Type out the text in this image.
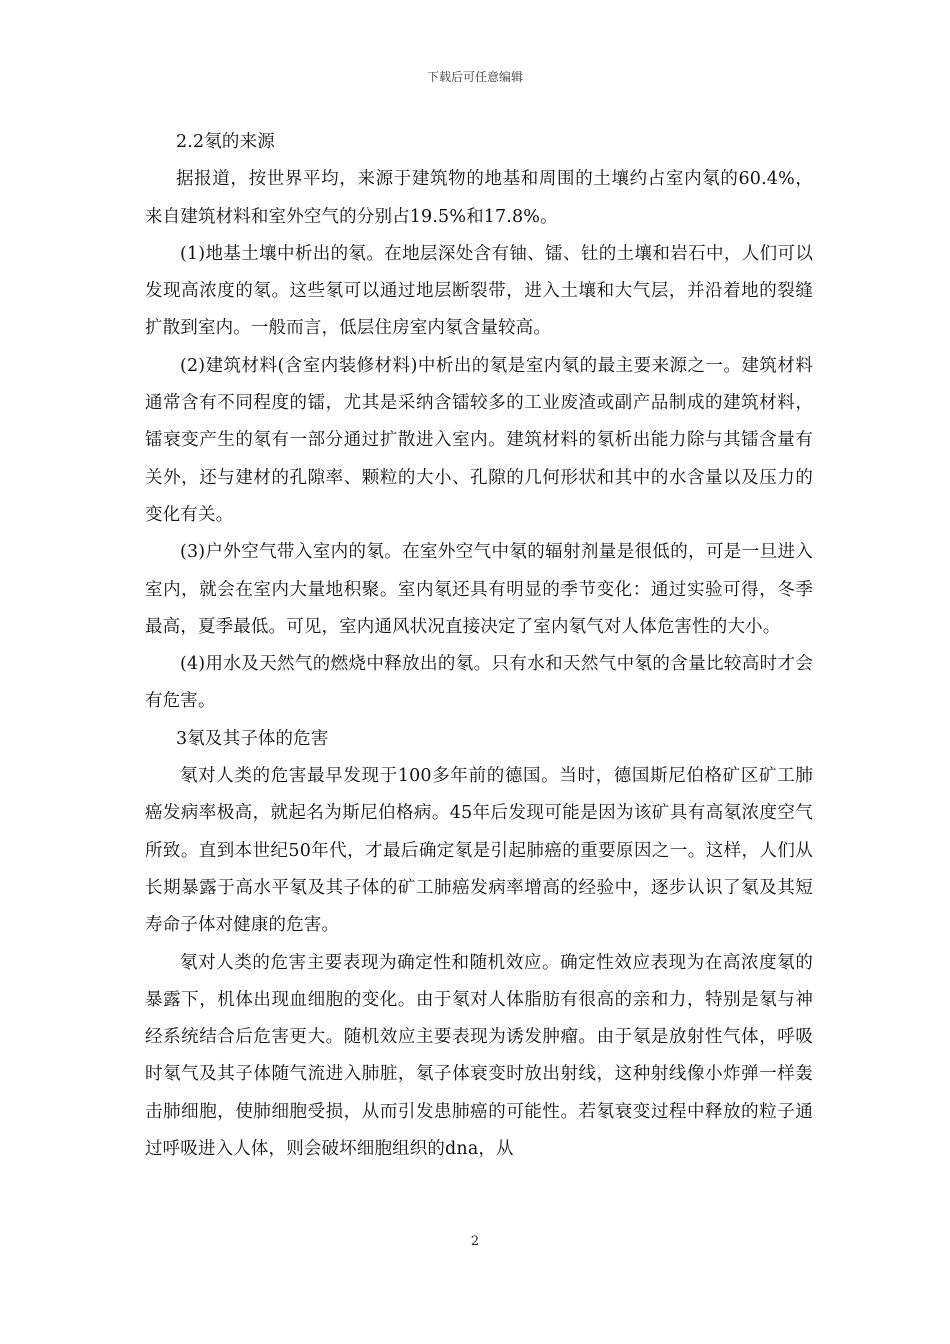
下载后可任意编辑

2.2氡的来源

据报道，按世界平均，来源于建筑物的地基和周围的土壤约占室内氡的60.4%，来自建筑材料和室外空气的分别占19.5%和17.8%。

(1)地基土壤中析出的氡。在地层深处含有铀、镭、钍的土壤和岩石中，人们可以发现高浓度的氡。这些氡可以通过地层断裂带，进入土壤和大气层，并沿着地的裂缝扩散到室内。一般而言，低层住房室内氡含量较高。

(2)建筑材料(含室内装修材料)中析出的氡是室内氡的最主要来源之一。建筑材料通常含有不同程度的镭，尤其是采纳含镭较多的工业废渣或副产品制成的建筑材料，镭衰变产生的氡有一部分通过扩散进入室内。建筑材料的氡析出能力除与其镭含量有关外，还与建材的孔隙率、颗粒的大小、孔隙的几何形状和其中的水含量以及压力的变化有关。

(3)户外空气带入室内的氡。在室外空气中氡的辐射剂量是很低的，可是一旦进入室内，就会在室内大量地积聚。室内氡还具有明显的季节变化：通过实验可得，冬季最高，夏季最低。可见，室内通风状况直接决定了室内氡气对人体危害性的大小。

(4)用水及天然气的燃烧中释放出的氡。只有水和天然气中氡的含量比较高时才会有危害。

3氡及其子体的危害

氡对人类的危害最早发现于100多年前的德国。当时，德国斯尼伯格矿区矿工肺癌发病率极高，就起名为斯尼伯格病。45年后发现可能是因为该矿具有高氡浓度空气所致。直到本世纪50年代，才最后确定氡是引起肺癌的重要原因之一。这样，人们从长期暴露于高水平氡及其子体的矿工肺癌发病率增高的经验中，逐步认识了氡及其短寿命子体对健康的危害。

氡对人类的危害主要表现为确定性和随机效应。确定性效应表现为在高浓度氡的暴露下，机体出现血细胞的变化。由于氡对人体脂肪有很高的亲和力，特别是氡与神经系统结合后危害更大。随机效应主要表现为诱发肿瘤。由于氡是放射性气体，呼吸时氡气及其子体随气流进入肺脏，氡子体衰变时放出射线，这种射线像小炸弹一样轰击肺细胞，使肺细胞受损，从而引发患肺癌的可能性。若氡衰变过程中释放的粒子通过呼吸进入人体，则会破坏细胞组织的dna，从

2
